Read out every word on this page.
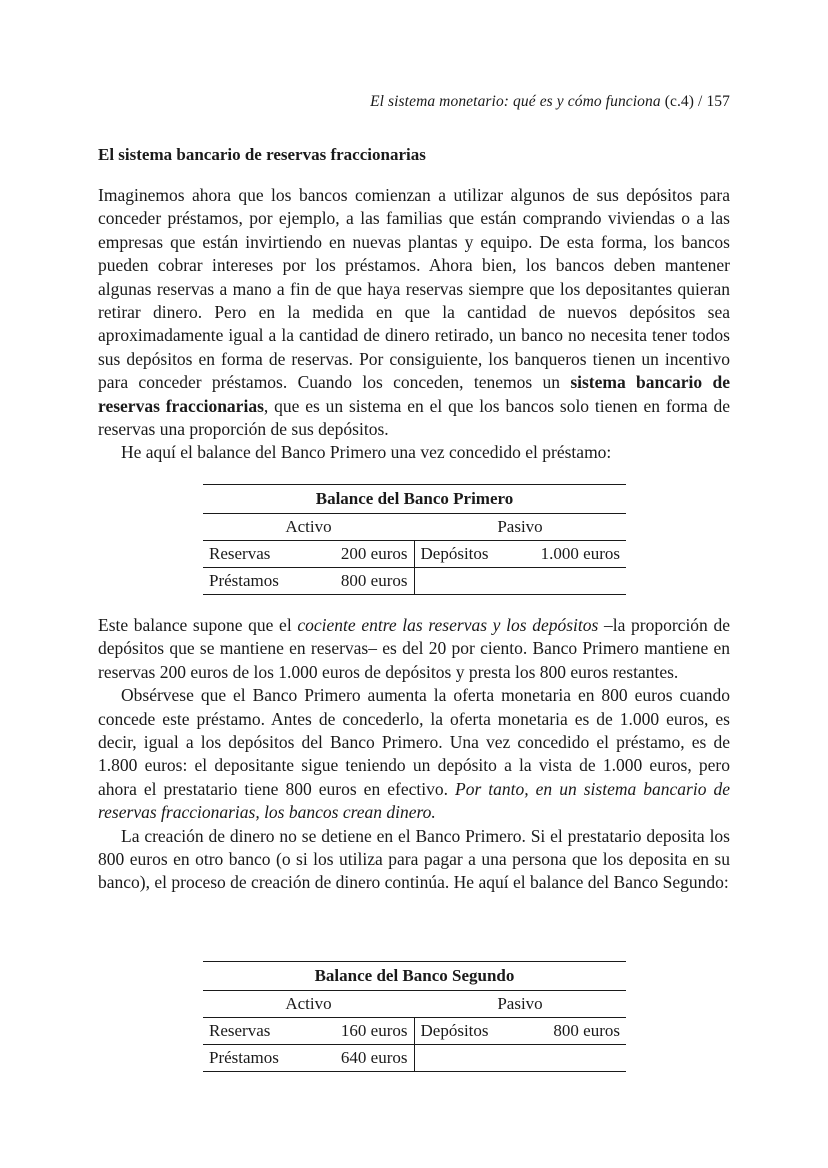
El sistema monetario: qué es y cómo funciona (c.4) / 157
El sistema bancario de reservas fraccionarias

Imaginemos ahora que los bancos comienzan a utilizar algunos de sus depósitos para conceder préstamos, por ejemplo, a las familias que están comprando viviendas o a las empresas que están invirtiendo en nuevas plantas y equipo. De esta forma, los bancos pueden cobrar intereses por los préstamos. Ahora bien, los bancos deben mantener algunas reservas a mano a fin de que haya reservas siempre que los depositantes quieran retirar dinero. Pero en la medida en que la cantidad de nuevos depósitos sea aproximadamente igual a la cantidad de dinero retirado, un banco no necesita tener todos sus depósitos en forma de reservas. Por consiguiente, los banqueros tienen un incentivo para conceder préstamos. Cuando los conceden, tenemos un sistema bancario de reservas fraccionarias, que es un sistema en el que los bancos solo tienen en forma de reservas una proporción de sus depósitos.

He aquí el balance del Banco Primero una vez concedido el préstamo:

Balance del Banco Primero			
Activo		Pasivo	
Reservas	200 euros	Depósitos	1.000 euros
Préstamos	800 euros		

Este balance supone que el cociente entre las reservas y los depósitos –la proporción de depósitos que se mantiene en reservas– es del 20 por ciento. Banco Primero mantiene en reservas 200 euros de los 1.000 euros de depósitos y presta los 800 euros restantes.

Obsérvese que el Banco Primero aumenta la oferta monetaria en 800 euros cuando concede este préstamo. Antes de concederlo, la oferta monetaria es de 1.000 euros, es decir, igual a los depósitos del Banco Primero. Una vez concedido el préstamo, es de 1.800 euros: el depositante sigue teniendo un depósito a la vista de 1.000 euros, pero ahora el prestatario tiene 800 euros en efectivo. Por tanto, en un sistema bancario de reservas fraccionarias, los bancos crean dinero.

La creación de dinero no se detiene en el Banco Primero. Si el prestatario deposita los 800 euros en otro banco (o si los utiliza para pagar a una persona que los deposita en su banco), el proceso de creación de dinero continúa. He aquí el balance del Banco Segundo:

Balance del Banco Segundo			
Activo		Pasivo	
Reservas	160 euros	Depósitos	800 euros
Préstamos	640 euros		
